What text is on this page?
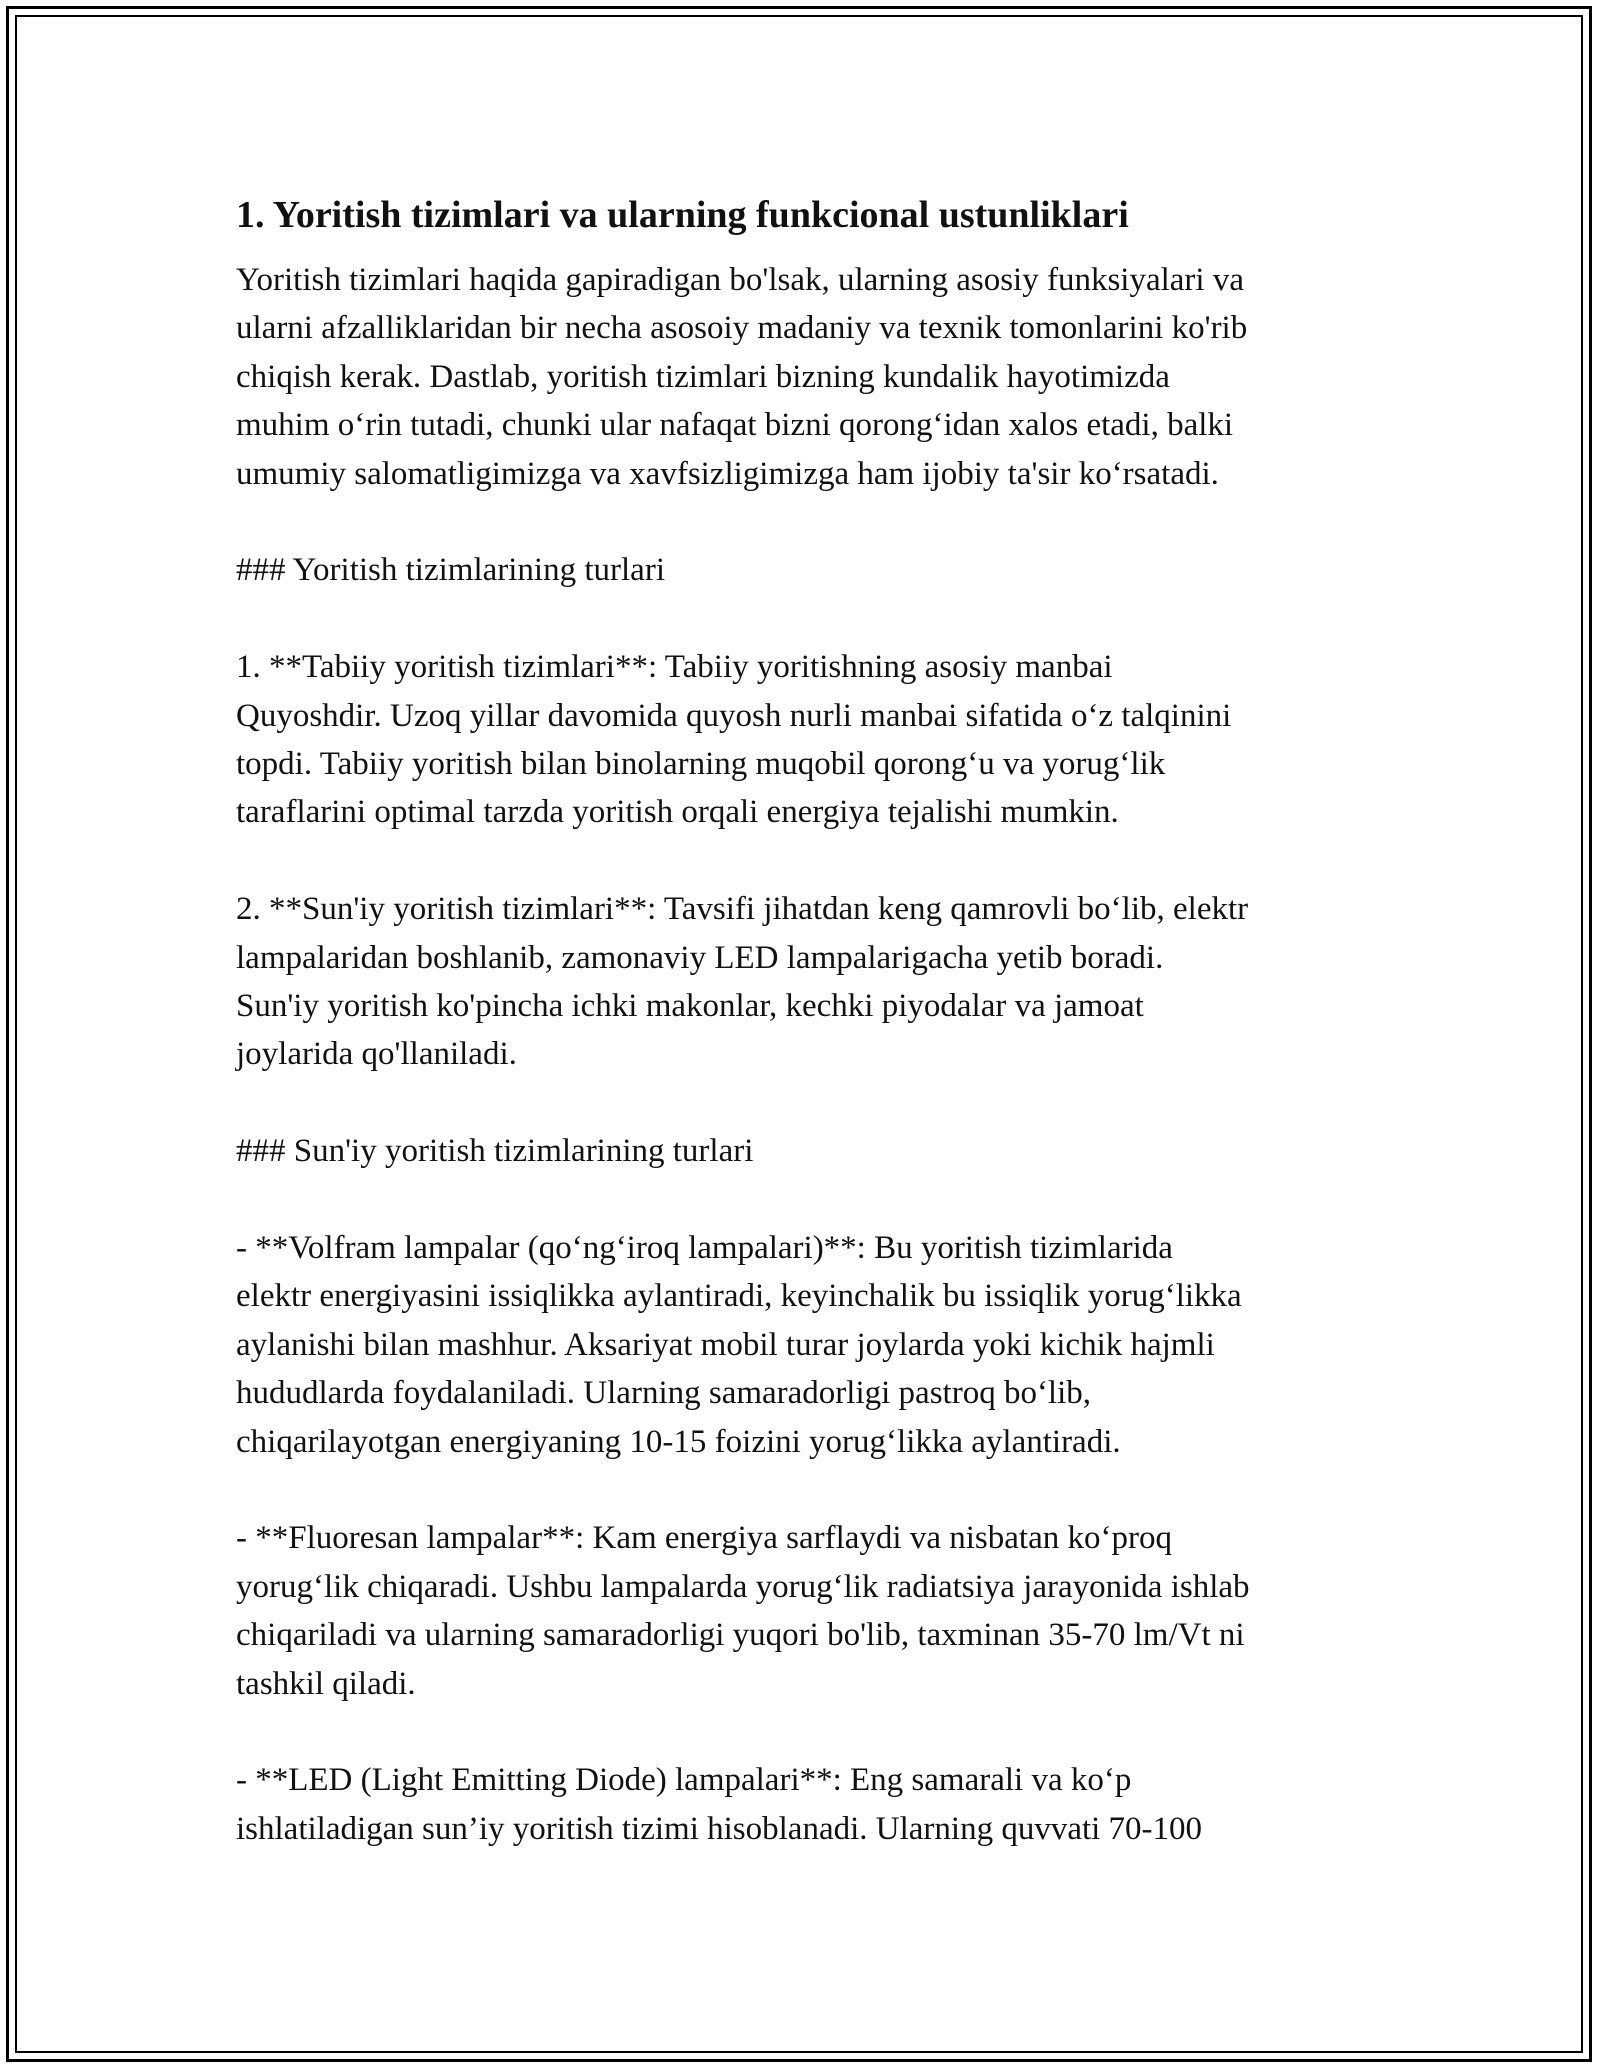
1. Yoritish tizimlari va ularning funkcional ustunliklari

Yoritish tizimlari haqida gapiradigan bo'lsak, ularning asosiy funksiyalari va
ularni afzalliklaridan bir necha asosoiy madaniy va texnik tomonlarini ko'rib
chiqish kerak. Dastlab, yoritish tizimlari bizning kundalik hayotimizda
muhim o‘rin tutadi, chunki ular nafaqat bizni qorong‘idan xalos etadi, balki
umumiy salomatligimizga va xavfsizligimizga ham ijobiy ta'sir ko‘rsatadi.

### Yoritish tizimlarining turlari

1. **Tabiiy yoritish tizimlari**: Tabiiy yoritishning asosiy manbai
Quyoshdir. Uzoq yillar davomida quyosh nurli manbai sifatida o‘z talqinini
topdi. Tabiiy yoritish bilan binolarning muqobil qorong‘u va yorug‘lik
taraflarini optimal tarzda yoritish orqali energiya tejalishi mumkin.

2. **Sun'iy yoritish tizimlari**: Tavsifi jihatdan keng qamrovli bo‘lib, elektr
lampalaridan boshlanib, zamonaviy LED lampalarigacha yetib boradi.
Sun'iy yoritish ko'pincha ichki makonlar, kechki piyodalar va jamoat
joylarida qo'llaniladi.

### Sun'iy yoritish tizimlarining turlari

- **Volfram lampalar (qo‘ng‘iroq lampalari)**: Bu yoritish tizimlarida
elektr energiyasini issiqlikka aylantiradi, keyinchalik bu issiqlik yorug‘likka
aylanishi bilan mashhur. Aksariyat mobil turar joylarda yoki kichik hajmli
hududlarda foydalaniladi. Ularning samaradorligi pastroq bo‘lib,
chiqarilayotgan energiyaning 10-15 foizini yorug‘likka aylantiradi.

- **Fluoresan lampalar**: Kam energiya sarflaydi va nisbatan ko‘proq
yorug‘lik chiqaradi. Ushbu lampalarda yorug‘lik radiatsiya jarayonida ishlab
chiqariladi va ularning samaradorligi yuqori bo'lib, taxminan 35-70 lm/Vt ni
tashkil qiladi.

- **LED (Light Emitting Diode) lampalari**: Eng samarali va ko‘p
ishlatiladigan sun’iy yoritish tizimi hisoblanadi. Ularning quvvati 70-100
